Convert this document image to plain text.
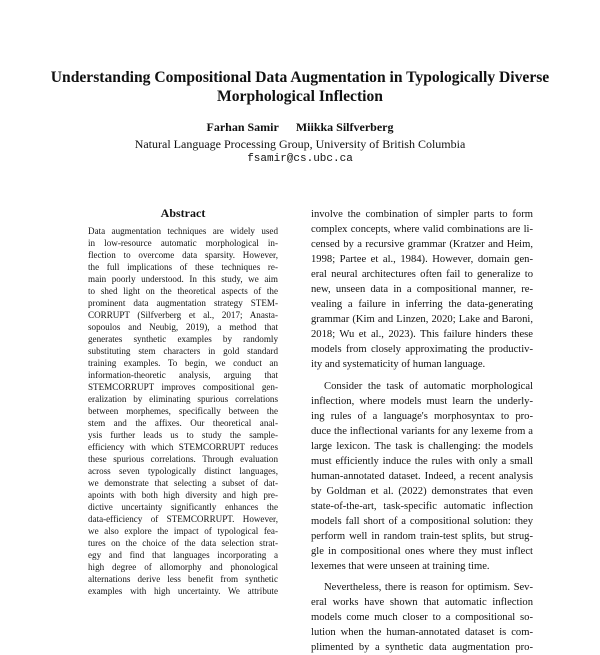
Understanding Compositional Data Augmentation in Typologically Diverse
Morphological Inflection
Farhan Samir Miikka Silfverberg
Natural Language Processing Group, University of British Columbia
fsamir@cs.ubc.ca
Abstract
Data augmentation techniques are widely used
in low-resource automatic morphological in-
flection to overcome data sparsity. However,
the full implications of these techniques re-
main poorly understood. In this study, we aim
to shed light on the theoretical aspects of the
prominent data augmentation strategy STEM-
CORRUPT (Silfverberg et al., 2017; Anasta-
sopoulos and Neubig, 2019), a method that
generates synthetic examples by randomly
substituting stem characters in gold standard
training examples. To begin, we conduct an
information-theoretic analysis, arguing that
STEMCORRUPT improves compositional gen-
eralization by eliminating spurious correlations
between morphemes, specifically between the
stem and the affixes. Our theoretical anal-
ysis further leads us to study the sample-
efficiency with which STEMCORRUPT reduces
these spurious correlations. Through evaluation
across seven typologically distinct languages,
we demonstrate that selecting a subset of dat-
apoints with both high diversity and high pre-
dictive uncertainty significantly enhances the
data-efficiency of STEMCORRUPT. However,
we also explore the impact of typological fea-
tures on the choice of the data selection strat-
egy and find that languages incorporating a
high degree of allomorphy and phonological
alternations derive less benefit from synthetic
examples with high uncertainty. We attribute
involve the combination of simpler parts to form
complex concepts, where valid combinations are li-
censed by a recursive grammar (Kratzer and Heim,
1998; Partee et al., 1984). However, domain gen-
eral neural architectures often fail to generalize to
new, unseen data in a compositional manner, re-
vealing a failure in inferring the data-generating
grammar (Kim and Linzen, 2020; Lake and Baroni,
2018; Wu et al., 2023). This failure hinders these
models from closely approximating the productiv-
ity and systematicity of human language.
Consider the task of automatic morphological
inflection, where models must learn the underly-
ing rules of a language's morphosyntax to pro-
duce the inflectional variants for any lexeme from a
large lexicon. The task is challenging: the models
must efficiently induce the rules with only a small
human-annotated dataset. Indeed, a recent analysis
by Goldman et al. (2022) demonstrates that even
state-of-the-art, task-specific automatic inflection
models fall short of a compositional solution: they
perform well in random train-test splits, but strug-
gle in compositional ones where they must inflect
lexemes that were unseen at training time.
Nevertheless, there is reason for optimism. Sev-
eral works have shown that automatic inflection
models come much closer to a compositional so-
lution when the human-annotated dataset is com-
plimented by a synthetic data augmentation pro-
